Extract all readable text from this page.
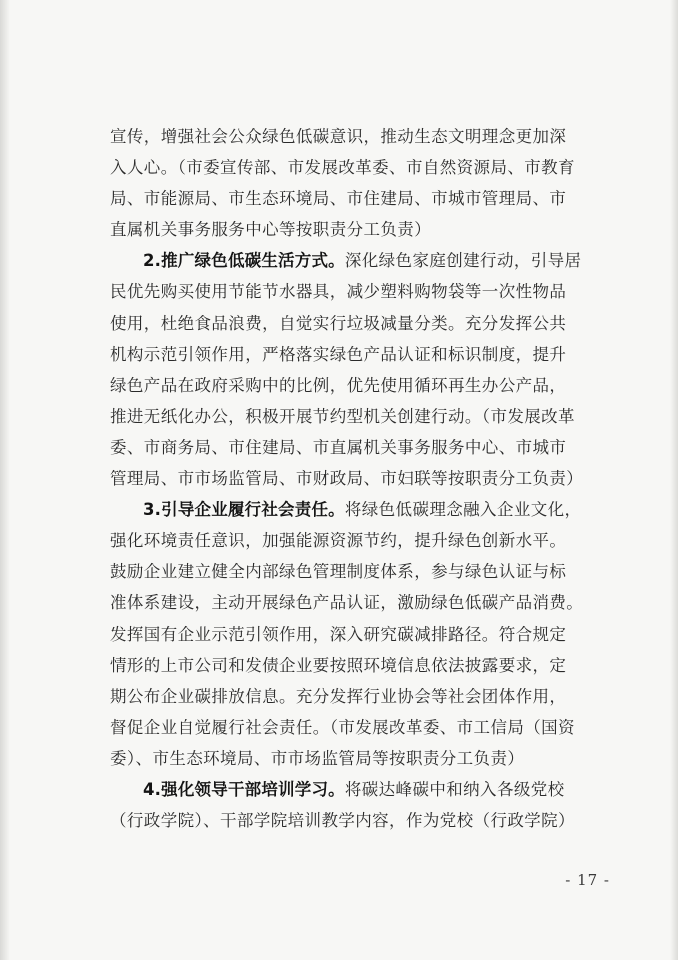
宣传，增强社会公众绿色低碳意识，推动生态文明理念更加深
入人心。（市委宣传部、市发展改革委、市自然资源局、市教育
局、市能源局、市生态环境局、市住建局、市城市管理局、市
直属机关事务服务中心等按职责分工负责）
2.推广绿色低碳生活方式。深化绿色家庭创建行动，引导居
民优先购买使用节能节水器具，减少塑料购物袋等一次性物品
使用，杜绝食品浪费，自觉实行垃圾减量分类。充分发挥公共
机构示范引领作用，严格落实绿色产品认证和标识制度，提升
绿色产品在政府采购中的比例，优先使用循环再生办公产品，
推进无纸化办公，积极开展节约型机关创建行动。（市发展改革
委、市商务局、市住建局、市直属机关事务服务中心、市城市
管理局、市市场监管局、市财政局、市妇联等按职责分工负责）
3.引导企业履行社会责任。将绿色低碳理念融入企业文化，
强化环境责任意识，加强能源资源节约，提升绿色创新水平。
鼓励企业建立健全内部绿色管理制度体系，参与绿色认证与标
准体系建设，主动开展绿色产品认证，激励绿色低碳产品消费。
发挥国有企业示范引领作用，深入研究碳减排路径。符合规定
情形的上市公司和发债企业要按照环境信息依法披露要求，定
期公布企业碳排放信息。充分发挥行业协会等社会团体作用，
督促企业自觉履行社会责任。（市发展改革委、市工信局（国资
委）、市生态环境局、市市场监管局等按职责分工负责）
4.强化领导干部培训学习。将碳达峰碳中和纳入各级党校
（行政学院）、干部学院培训教学内容，作为党校（行政学院）
- 17 -
